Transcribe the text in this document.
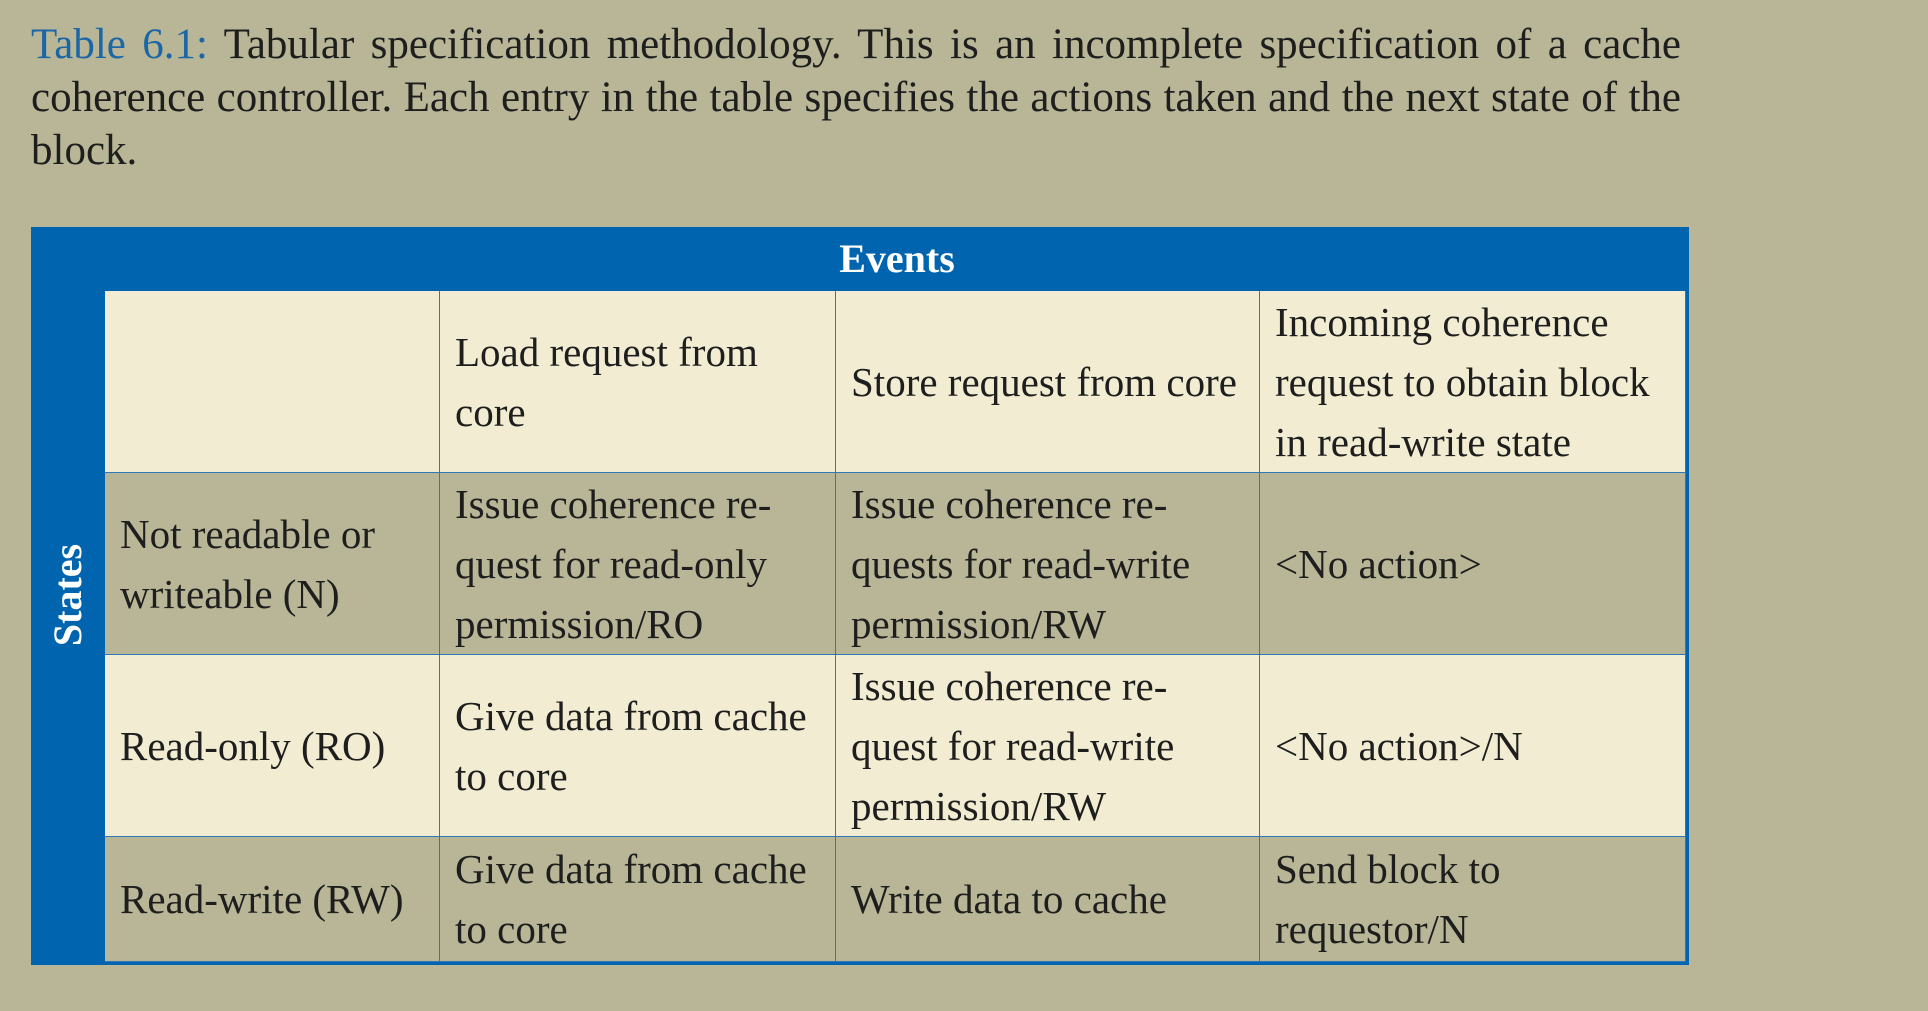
Table 6.1: Tabular specification methodology. This is an incomplete specification of a cache coherence controller. Each entry in the table specifies the actions taken and the next state of the block.
States
Events
Load request from core
Store request from core
Incoming coherence request to obtain block in read-write state
Not readable or writeable (N)
Issue coherence re-quest for read-only permission/RO
Issue coherence re-quests for read-write permission/RW
<No action>
Read-only (RO)
Give data from cache to core
Issue coherence re-quest for read-write permission/RW
<No action>/N
Read-write (RW)
Give data from cache to core
Write data to cache
Send block to requestor/N
